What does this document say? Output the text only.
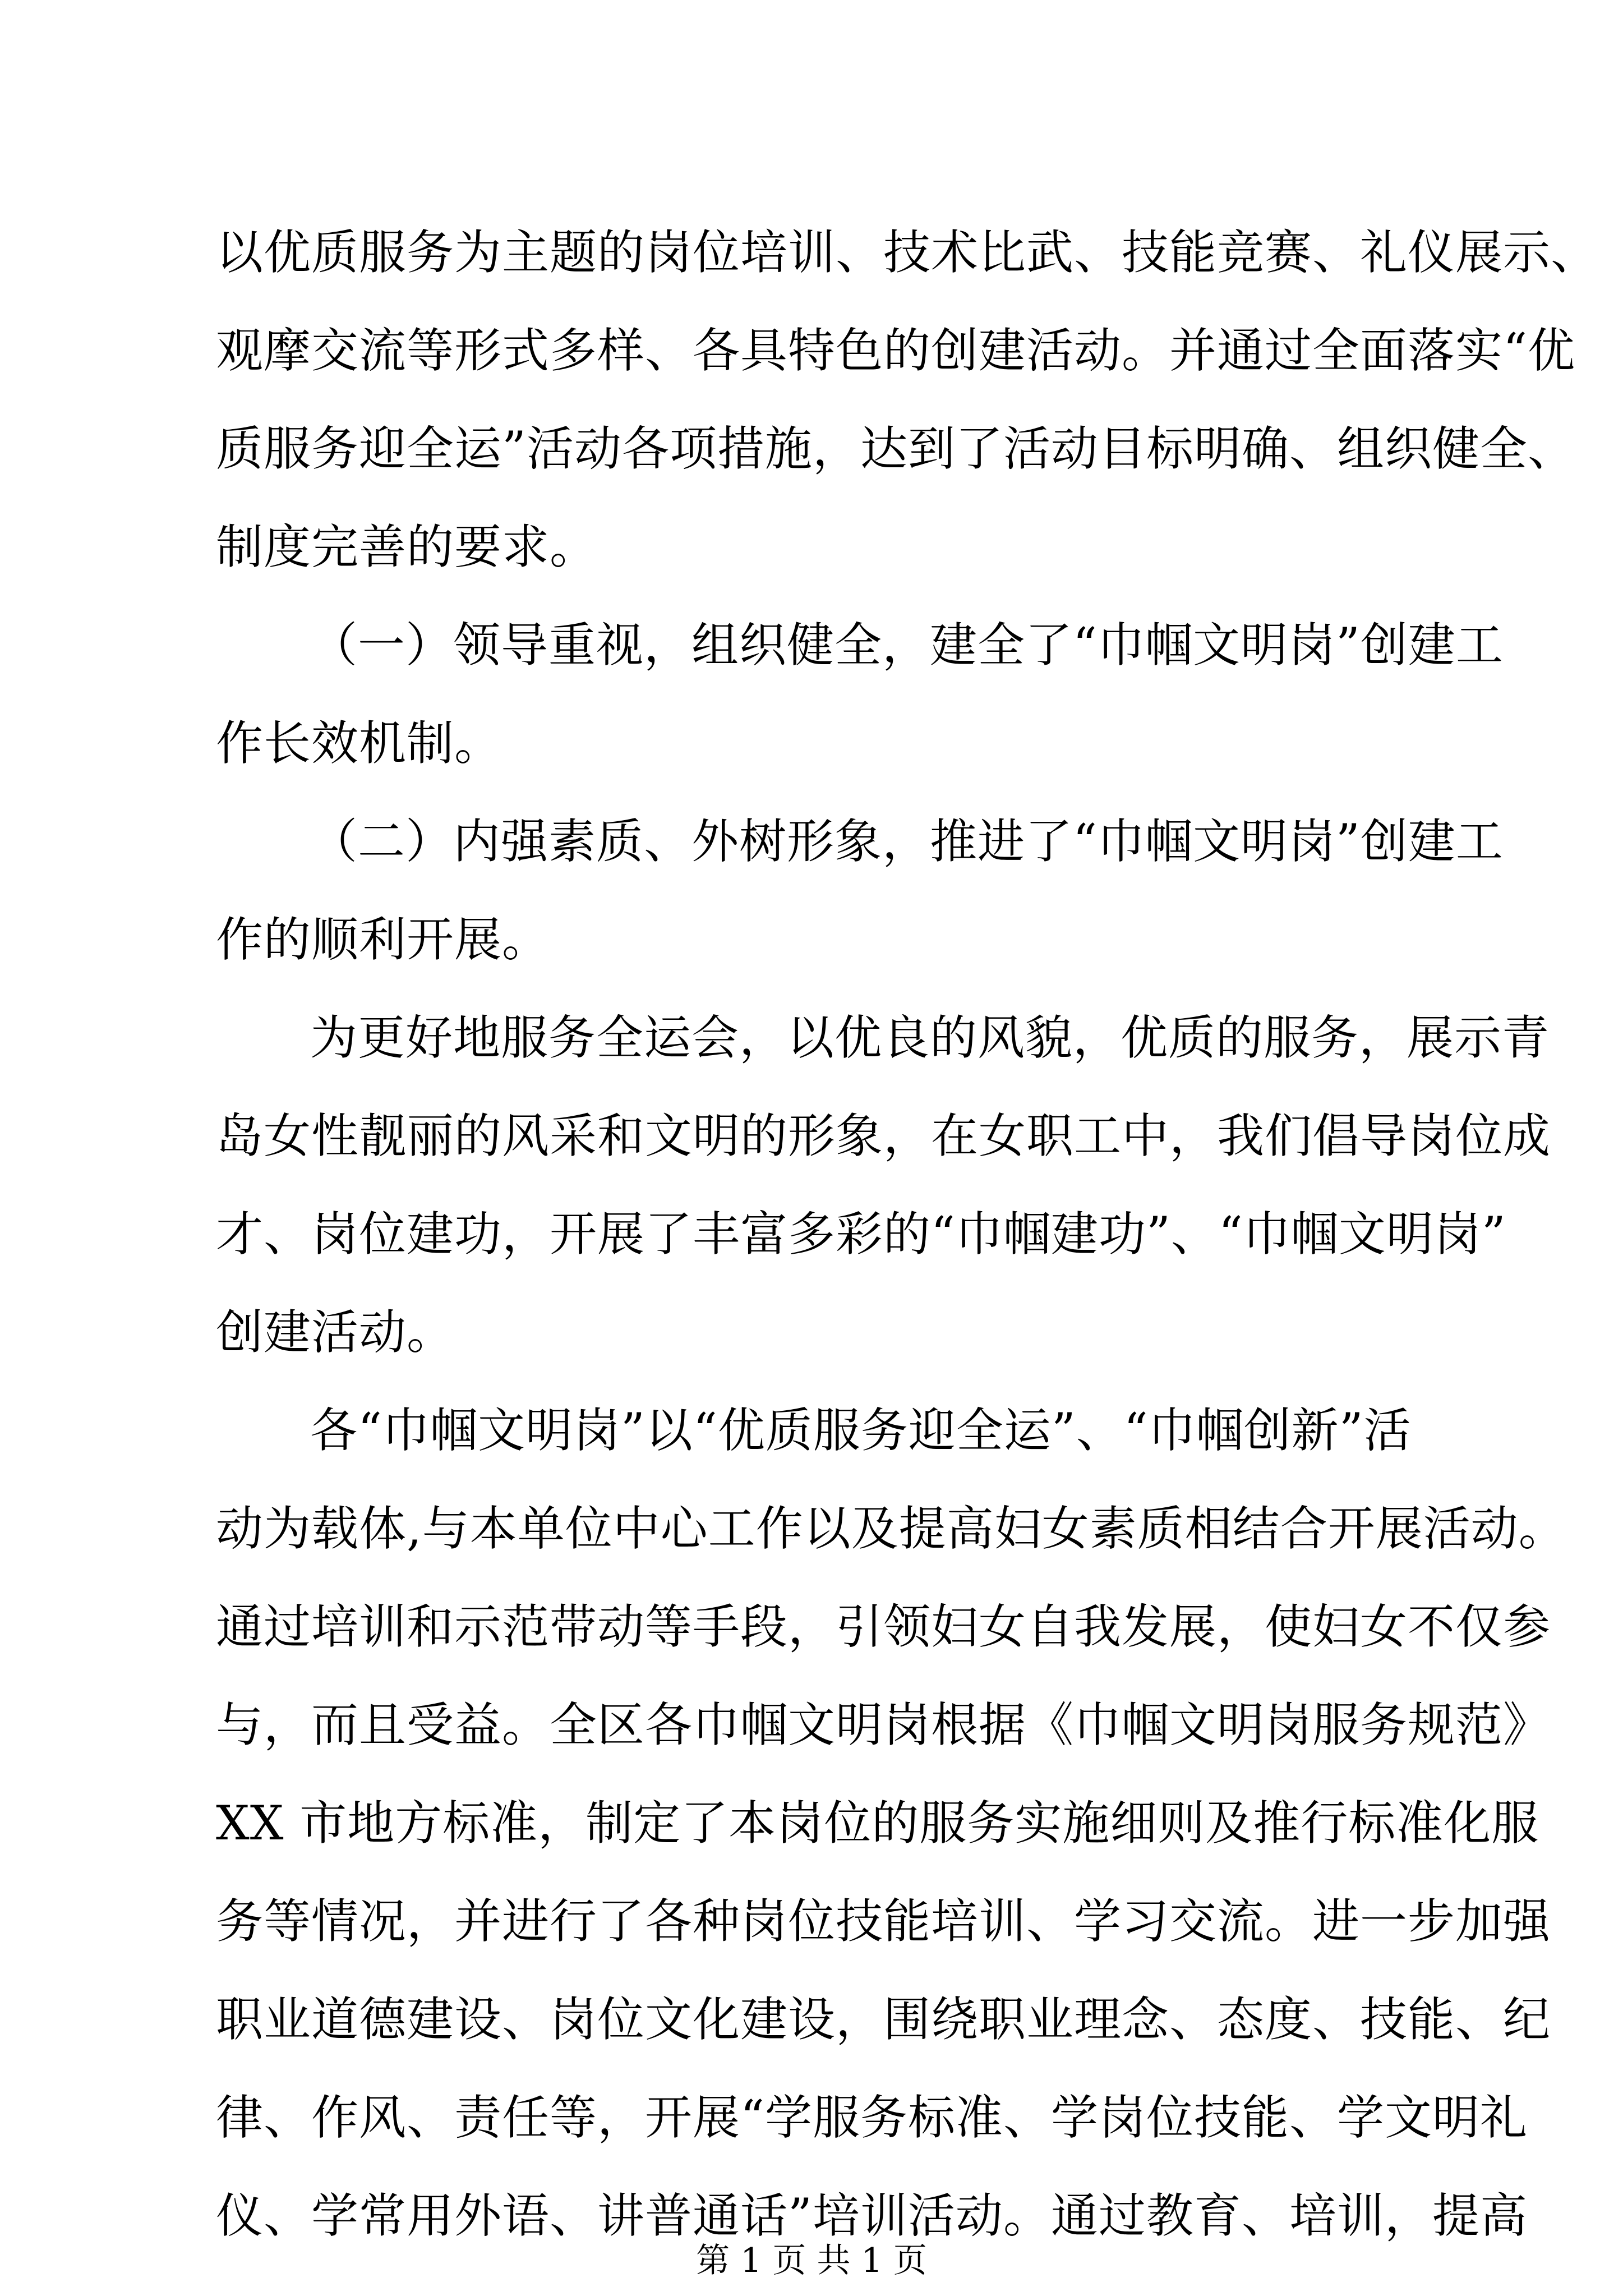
以优质服务为主题的岗位培训、技术比武、技能竞赛、礼仪展示、
观摩交流等形式多样、各具特色的创建活动。并通过全面落实“优
质服务迎全运”活动各项措施，达到了活动目标明确、组织健全、
制度完善的要求。
（一）领导重视，组织健全，建全了“巾帼文明岗”创建工
作长效机制。
（二）内强素质、外树形象，推进了“巾帼文明岗”创建工
作的顺利开展。
为更好地服务全运会，以优良的风貌，优质的服务，展示青
岛女性靓丽的风采和文明的形象，在女职工中，我们倡导岗位成
才、岗位建功，开展了丰富多彩的“巾帼建功”、“巾帼文明岗”
创建活动。
各“巾帼文明岗”以“优质服务迎全运”、“巾帼创新”活
动为载体,与本单位中心工作以及提高妇女素质相结合开展活动。
通过培训和示范带动等手段，引领妇女自我发展，使妇女不仅参
与，而且受益。全区各巾帼文明岗根据《巾帼文明岗服务规范》
XX 市地方标准，制定了本岗位的服务实施细则及推行标准化服
务等情况，并进行了各种岗位技能培训、学习交流。进一步加强
职业道德建设、岗位文化建设，围绕职业理念、态度、技能、纪
律、作风、责任等，开展“学服务标准、学岗位技能、学文明礼
仪、学常用外语、讲普通话”培训活动。通过教育、培训，提高
第 1 页 共 1 页
